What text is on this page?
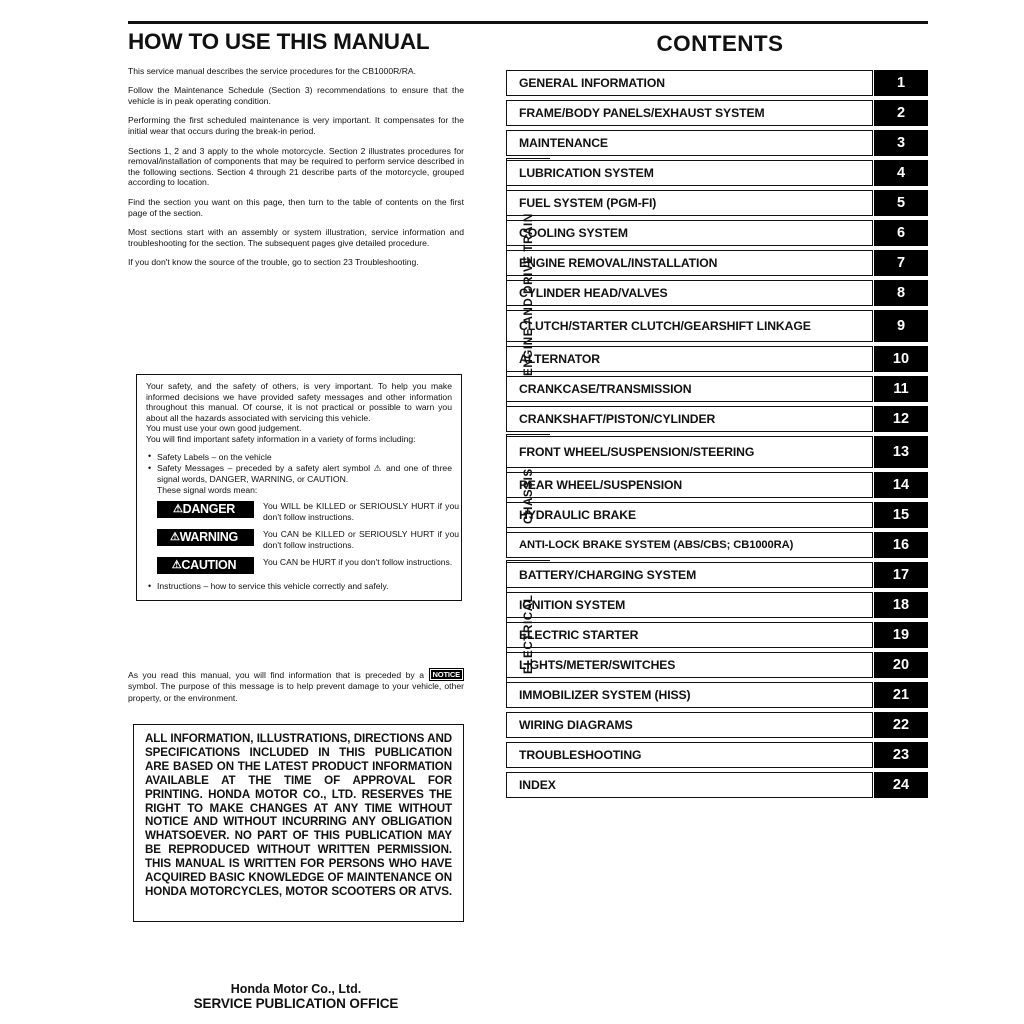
HOW TO USE THIS MANUAL

This service manual describes the service procedures for the CB1000R/RA.

Follow the Maintenance Schedule (Section 3) recommendations to ensure that the vehicle is in peak operating condition.

Performing the first scheduled maintenance is very important. It compensates for the initial wear that occurs during the break-in period.

Sections 1, 2 and 3 apply to the whole motorcycle. Section 2 illustrates procedures for removal/installation of components that may be required to perform service described in the following sections. Section 4 through 21 describe parts of the motorcycle, grouped according to location.

Find the section you want on this page, then turn to the table of contents on the first page of the section.

Most sections start with an assembly or system illustration, service information and troubleshooting for the section. The subsequent pages give detailed procedure.

If you don't know the source of the trouble, go to section 23 Troubleshooting.

Your safety, and the safety of others, is very important. To help you make informed decisions we have provided safety messages and other information throughout this manual. Of course, it is not practical or possible to warn you about all the hazards associated with servicing this vehicle.

You must use your own good judgement.

You will find important safety information in a variety of forms including:

• Safety Labels – on the vehicle
• Safety Messages – preceded by a safety alert symbol ⚠ and one of three signal words, DANGER, WARNING, or CAUTION.
These signal words mean:
⚠ DANGER	You WILL be KILLED or SERIOUSLY HURT if you don't follow instructions.
⚠ WARNING	You CAN be KILLED or SERIOUSLY HURT if you don't follow instructions.
⚠ CAUTION	You CAN be HURT if you don't follow instructions.
• Instructions – how to service this vehicle correctly and safely.
As you read this manual, you will find information that is preceded by a NOTICE symbol. The purpose of this message is to help prevent damage to your vehicle, other property, or the environment.

ALL INFORMATION, ILLUSTRATIONS, DIRECTIONS AND SPECIFICATIONS INCLUDED IN THIS PUBLICATION ARE BASED ON THE LATEST PRODUCT INFORMATION AVAILABLE AT THE TIME OF APPROVAL FOR PRINTING. HONDA MOTOR CO., LTD. RESERVES THE RIGHT TO MAKE CHANGES AT ANY TIME WITHOUT NOTICE AND WITHOUT INCURRING ANY OBLIGATION WHATSOEVER. NO PART OF THIS PUBLICATION MAY BE REPRODUCED WITHOUT WRITTEN PERMISSION. THIS MANUAL IS WRITTEN FOR PERSONS WHO HAVE ACQUIRED BASIC KNOWLEDGE OF MAINTENANCE ON HONDA MOTORCYCLES, MOTOR SCOOTERS OR ATVS.

Honda Motor Co., Ltd.
SERVICE PUBLICATION OFFICE
CONTENTS
GENERAL INFORMATION	1
FRAME/BODY PANELS/EXHAUST SYSTEM	2
MAINTENANCE	3
LUBRICATION SYSTEM	4
FUEL SYSTEM (PGM-FI)	5
COOLING SYSTEM	6
ENGINE REMOVAL/INSTALLATION	7
CYLINDER HEAD/VALVES	8
CLUTCH/STARTER CLUTCH/ GEARSHIFT LINKAGE	9
ALTERNATOR	10
CRANKCASE/TRANSMISSION	11
CRANKSHAFT/PISTON/CYLINDER	12
FRONT WHEEL/SUSPENSION/ STEERING	13
REAR WHEEL/SUSPENSION	14
HYDRAULIC BRAKE	15
ANTI-LOCK BRAKE SYSTEM (ABS/CBS; CB1000RA)	16
BATTERY/CHARGING SYSTEM	17
IGNITION SYSTEM	18
ELECTRIC STARTER	19
LIGHTS/METER/SWITCHES	20
IMMOBILIZER SYSTEM (HISS)	21
WIRING DIAGRAMS	22
TROUBLESHOOTING	23
INDEX	24
ENGINE AND DRIVE TRAIN
CHASSIS
ELECTRICAL
